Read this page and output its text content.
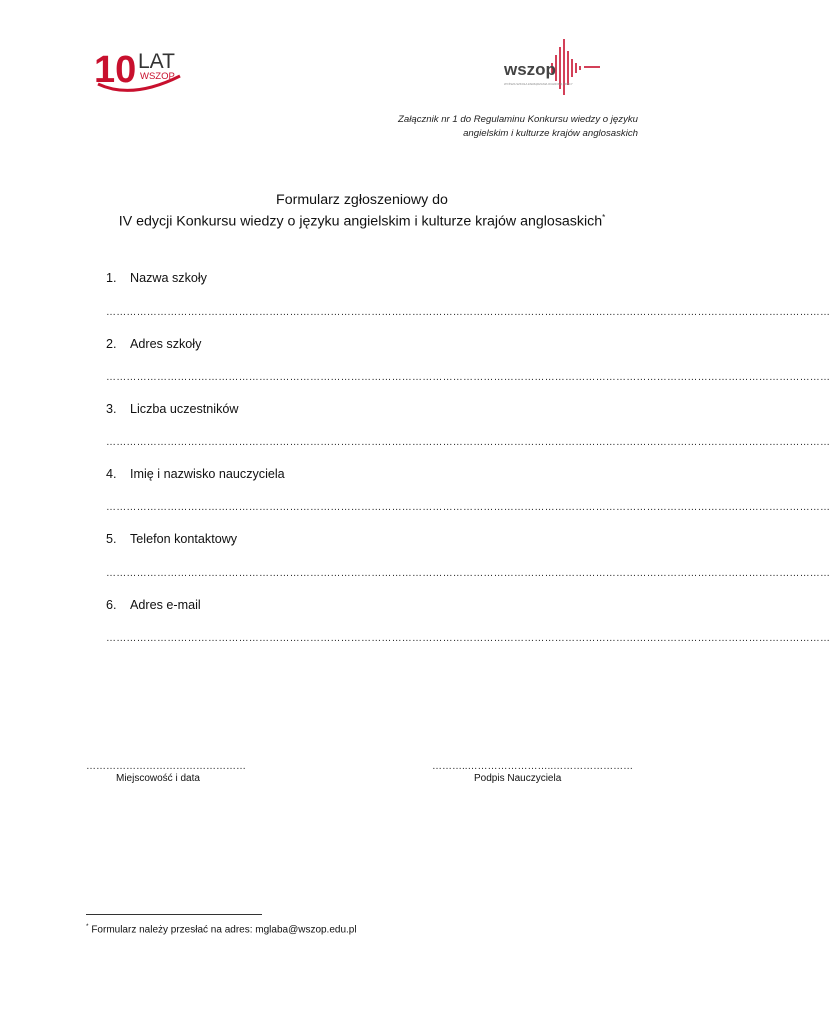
10 LAT
WSZOP	wszop
WYŻSZA SZKOŁA ZARZĄDZANIA OCHRONĄ PRACY
Załącznik nr 1 do Regulaminu Konkursu wiedzy o języku
angielskim i kulturze krajów anglosaskich
Formularz zgłoszeniowy do
IV edycji Konkursu wiedzy o języku angielskim i kulturze krajów anglosaskich*
1. Nazwa szkoły
……………………………………………………………………………………………………………………………………………………………………………………………
2. Adres szkoły
……………………………………………………………………………………………………………………………………………………………………………………………
3. Liczba uczestników
……………………………………………………………………………………………………………………………………………………………………………………………
4. Imię i nazwisko nauczyciela
……………………………………………………………………………………………………………………………………………………………………………………………
5. Telefon kontaktowy
……………………………………………………………………………………………………………………………………………………………………………………………
6. Adres e-mail
……………………………………………………………………………………………………………………………………………………………………………………………
…………………………………………
Miejscowość i data
………..……………………..……………………
Podpis Nauczyciela
* Formularz należy przesłać na adres: mglaba@wszop.edu.pl
